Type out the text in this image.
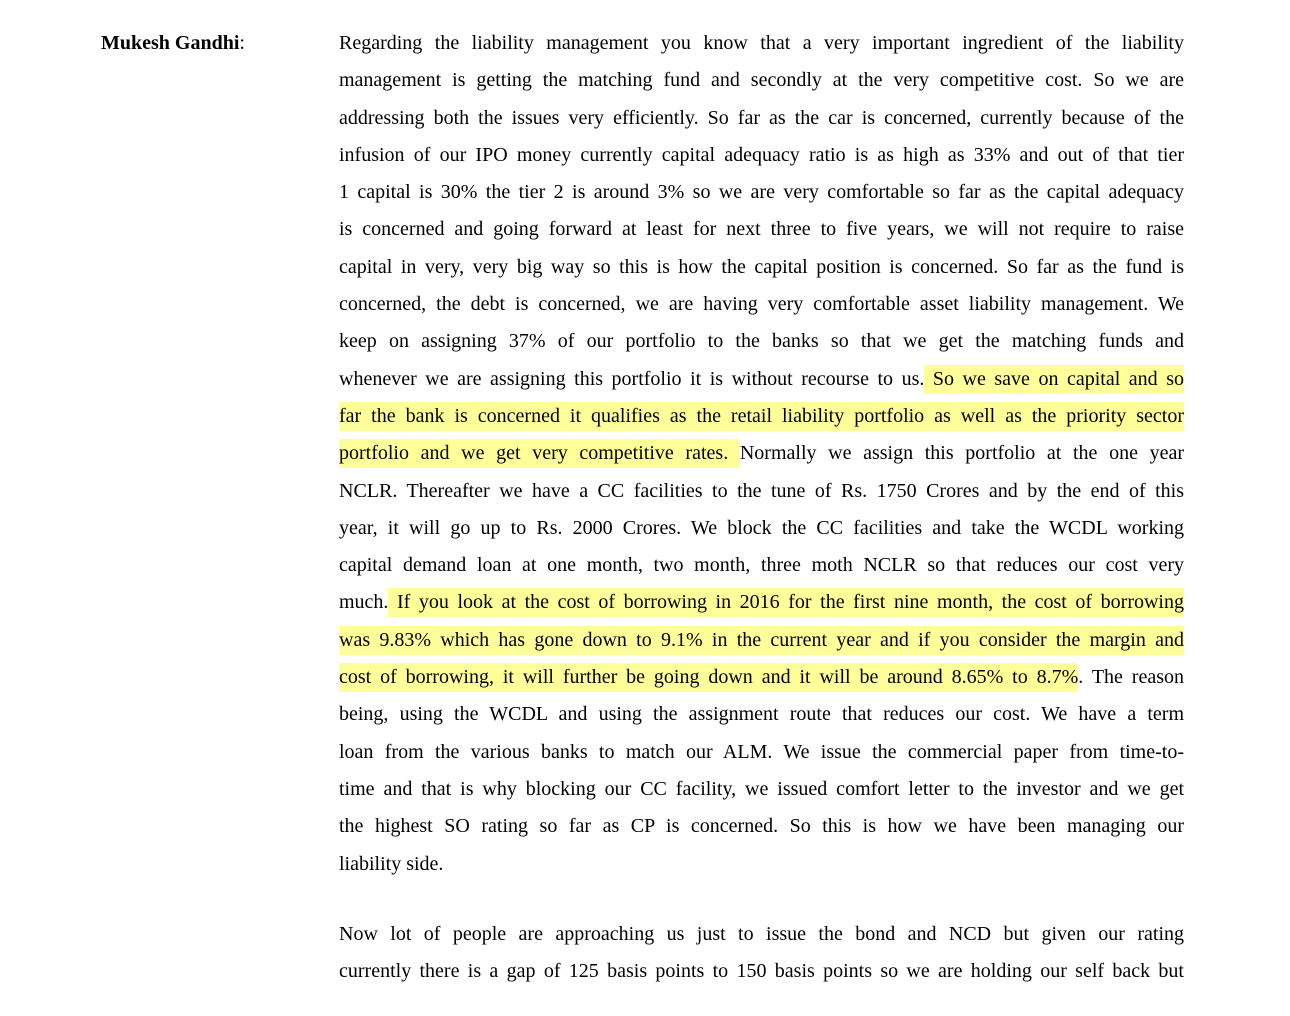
Mukesh Gandhi:	Regarding the liability management you know that a very important ingredient of the liability
management is getting the matching fund and secondly at the very competitive cost. So we are
addressing both the issues very efficiently. So far as the car is concerned, currently because of the
infusion of our IPO money currently capital adequacy ratio is as high as 33% and out of that tier
1 capital is 30% the tier 2 is around 3% so we are very comfortable so far as the capital adequacy
is concerned and going forward at least for next three to five years, we will not require to raise
capital in very, very big way so this is how the capital position is concerned. So far as the fund is
concerned, the debt is concerned, we are having very comfortable asset liability management. We
keep on assigning 37% of our portfolio to the banks so that we get the matching funds and
whenever we are assigning this portfolio it is without recourse to us. So we save on capital and so
far the bank is concerned it qualifies as the retail liability portfolio as well as the priority sector
portfolio and we get very competitive rates. Normally we assign this portfolio at the one year
NCLR. Thereafter we have a CC facilities to the tune of Rs. 1750 Crores and by the end of this
year, it will go up to Rs. 2000 Crores. We block the CC facilities and take the WCDL working
capital demand loan at one month, two month, three moth NCLR so that reduces our cost very
much. If you look at the cost of borrowing in 2016 for the first nine month, the cost of borrowing
was 9.83% which has gone down to 9.1% in the current year and if you consider the margin and
cost of borrowing, it will further be going down and it will be around 8.65% to 8.7%. The reason
being, using the WCDL and using the assignment route that reduces our cost. We have a term
loan from the various banks to match our ALM. We issue the commercial paper from time-to-
time and that is why blocking our CC facility, we issued comfort letter to the investor and we get
the highest SO rating so far as CP is concerned. So this is how we have been managing our
liability side.
Now lot of people are approaching us just to issue the bond and NCD but given our rating
currently there is a gap of 125 basis points to 150 basis points so we are holding our self back but
